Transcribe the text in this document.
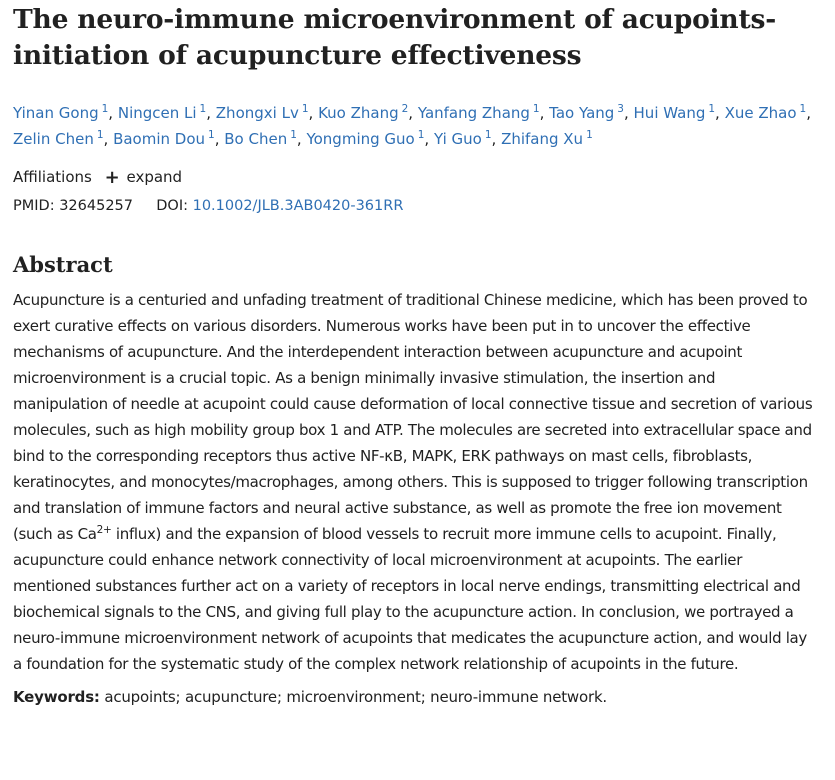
The neuro-immune microenvironment of acupoints-initiation of acupuncture effectiveness
Yinan Gong $^1$, Ningcen Li $^1$, Zhongxi Lv $^1$, Kuo Zhang $^2$, Yanfang Zhang $^1$, Tao Yang $^3$, Hui Wang $^1$, Xue Zhao $^1$, Zelin Chen $^1$, Baomin Dou $^1$, Bo Chen $^1$, Yongming Guo $^1$, Yi Guo $^1$, Zhifang Xu $^1$
Affiliations + expand
PMID: 32645257 DOI: 10.1002/JLB.3AB0420-361RR
Abstract
Acupuncture is a centuried and unfading treatment of traditional Chinese medicine, which has been proved to exert curative effects on various disorders. Numerous works have been put in to uncover the effective mechanisms of acupuncture. And the interdependent interaction between acupuncture and acupoint microenvironment is a crucial topic. As a benign minimally invasive stimulation, the insertion and manipulation of needle at acupoint could cause deformation of local connective tissue and secretion of various molecules, such as high mobility group box 1 and ATP. The molecules are secreted into extracellular space and bind to the corresponding receptors thus active NF-κB, MAPK, ERK pathways on mast cells, fibroblasts, keratinocytes, and monocytes/macrophages, among others. This is supposed to trigger following transcription and translation of immune factors and neural active substance, as well as promote the free ion movement (such as $Ca^{2+}$ influx) and the expansion of blood vessels to recruit more immune cells to acupoint. Finally, acupuncture could enhance network connectivity of local microenvironment at acupoints. The earlier mentioned substances further act on a variety of receptors in local nerve endings, transmitting electrical and biochemical signals to the CNS, and giving full play to the acupuncture action. In conclusion, we portrayed a neuro-immune microenvironment network of acupoints that medicates the acupuncture action, and would lay a foundation for the systematic study of the complex network relationship of acupoints in the future.
Keywords: acupoints; acupuncture; microenvironment; neuro-immune network.
